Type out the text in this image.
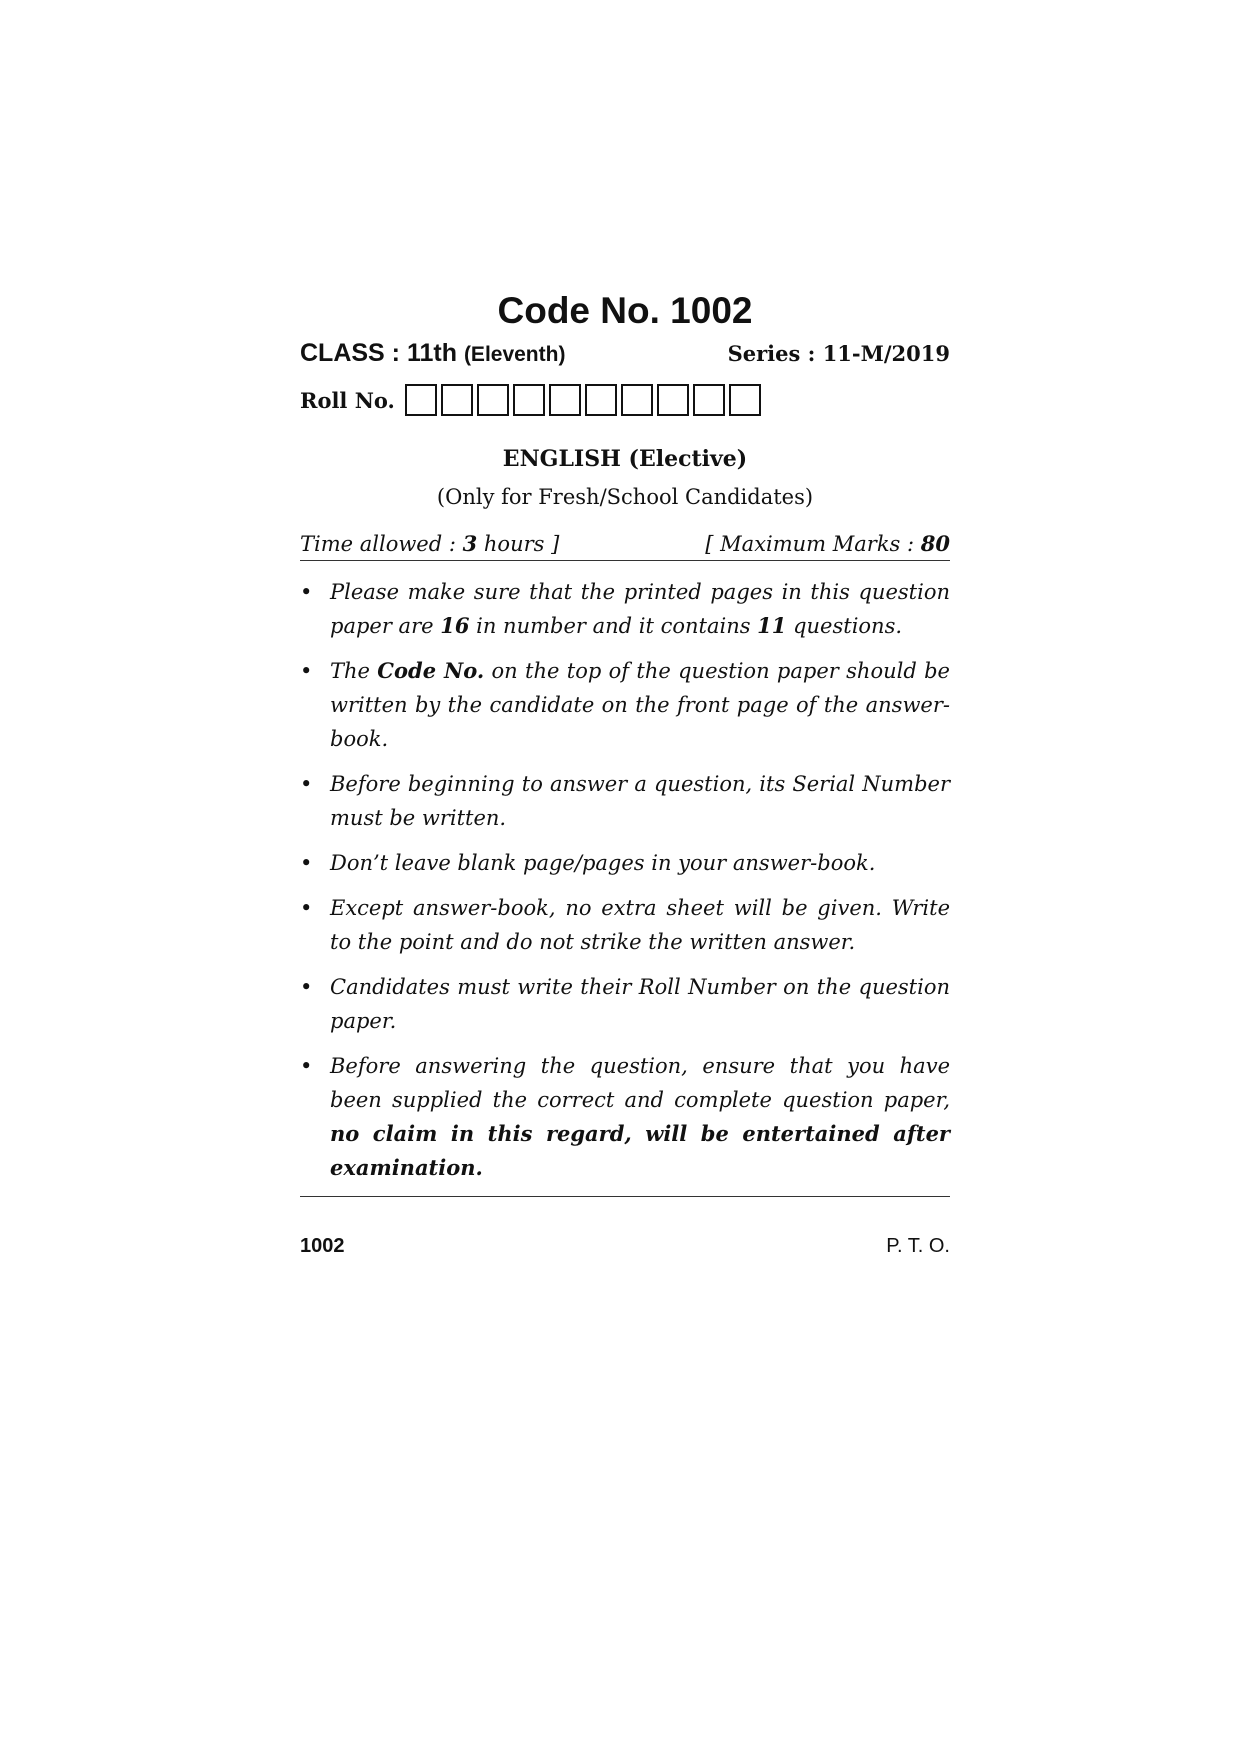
Code No. 1002
CLASS : 11th (Eleventh)	Series : 11-M/2019
Roll No.
ENGLISH (Elective)
(Only for Fresh/School Candidates)
Time allowed : 3 hours ]	[ Maximum Marks : 80
• Please make sure that the printed pages in this question paper are 16 in number and it contains 11 questions.
• The Code No. on the top of the question paper should be written by the candidate on the front page of the answer-book.
• Before beginning to answer a question, its Serial Number must be written.
• Don’t leave blank page/pages in your answer-book.
• Except answer-book, no extra sheet will be given. Write to the point and do not strike the written answer.
• Candidates must write their Roll Number on the question paper.
• Before answering the question, ensure that you have been supplied the correct and complete question paper, no claim in this regard, will be entertained after examination.
1002	P. T. O.
